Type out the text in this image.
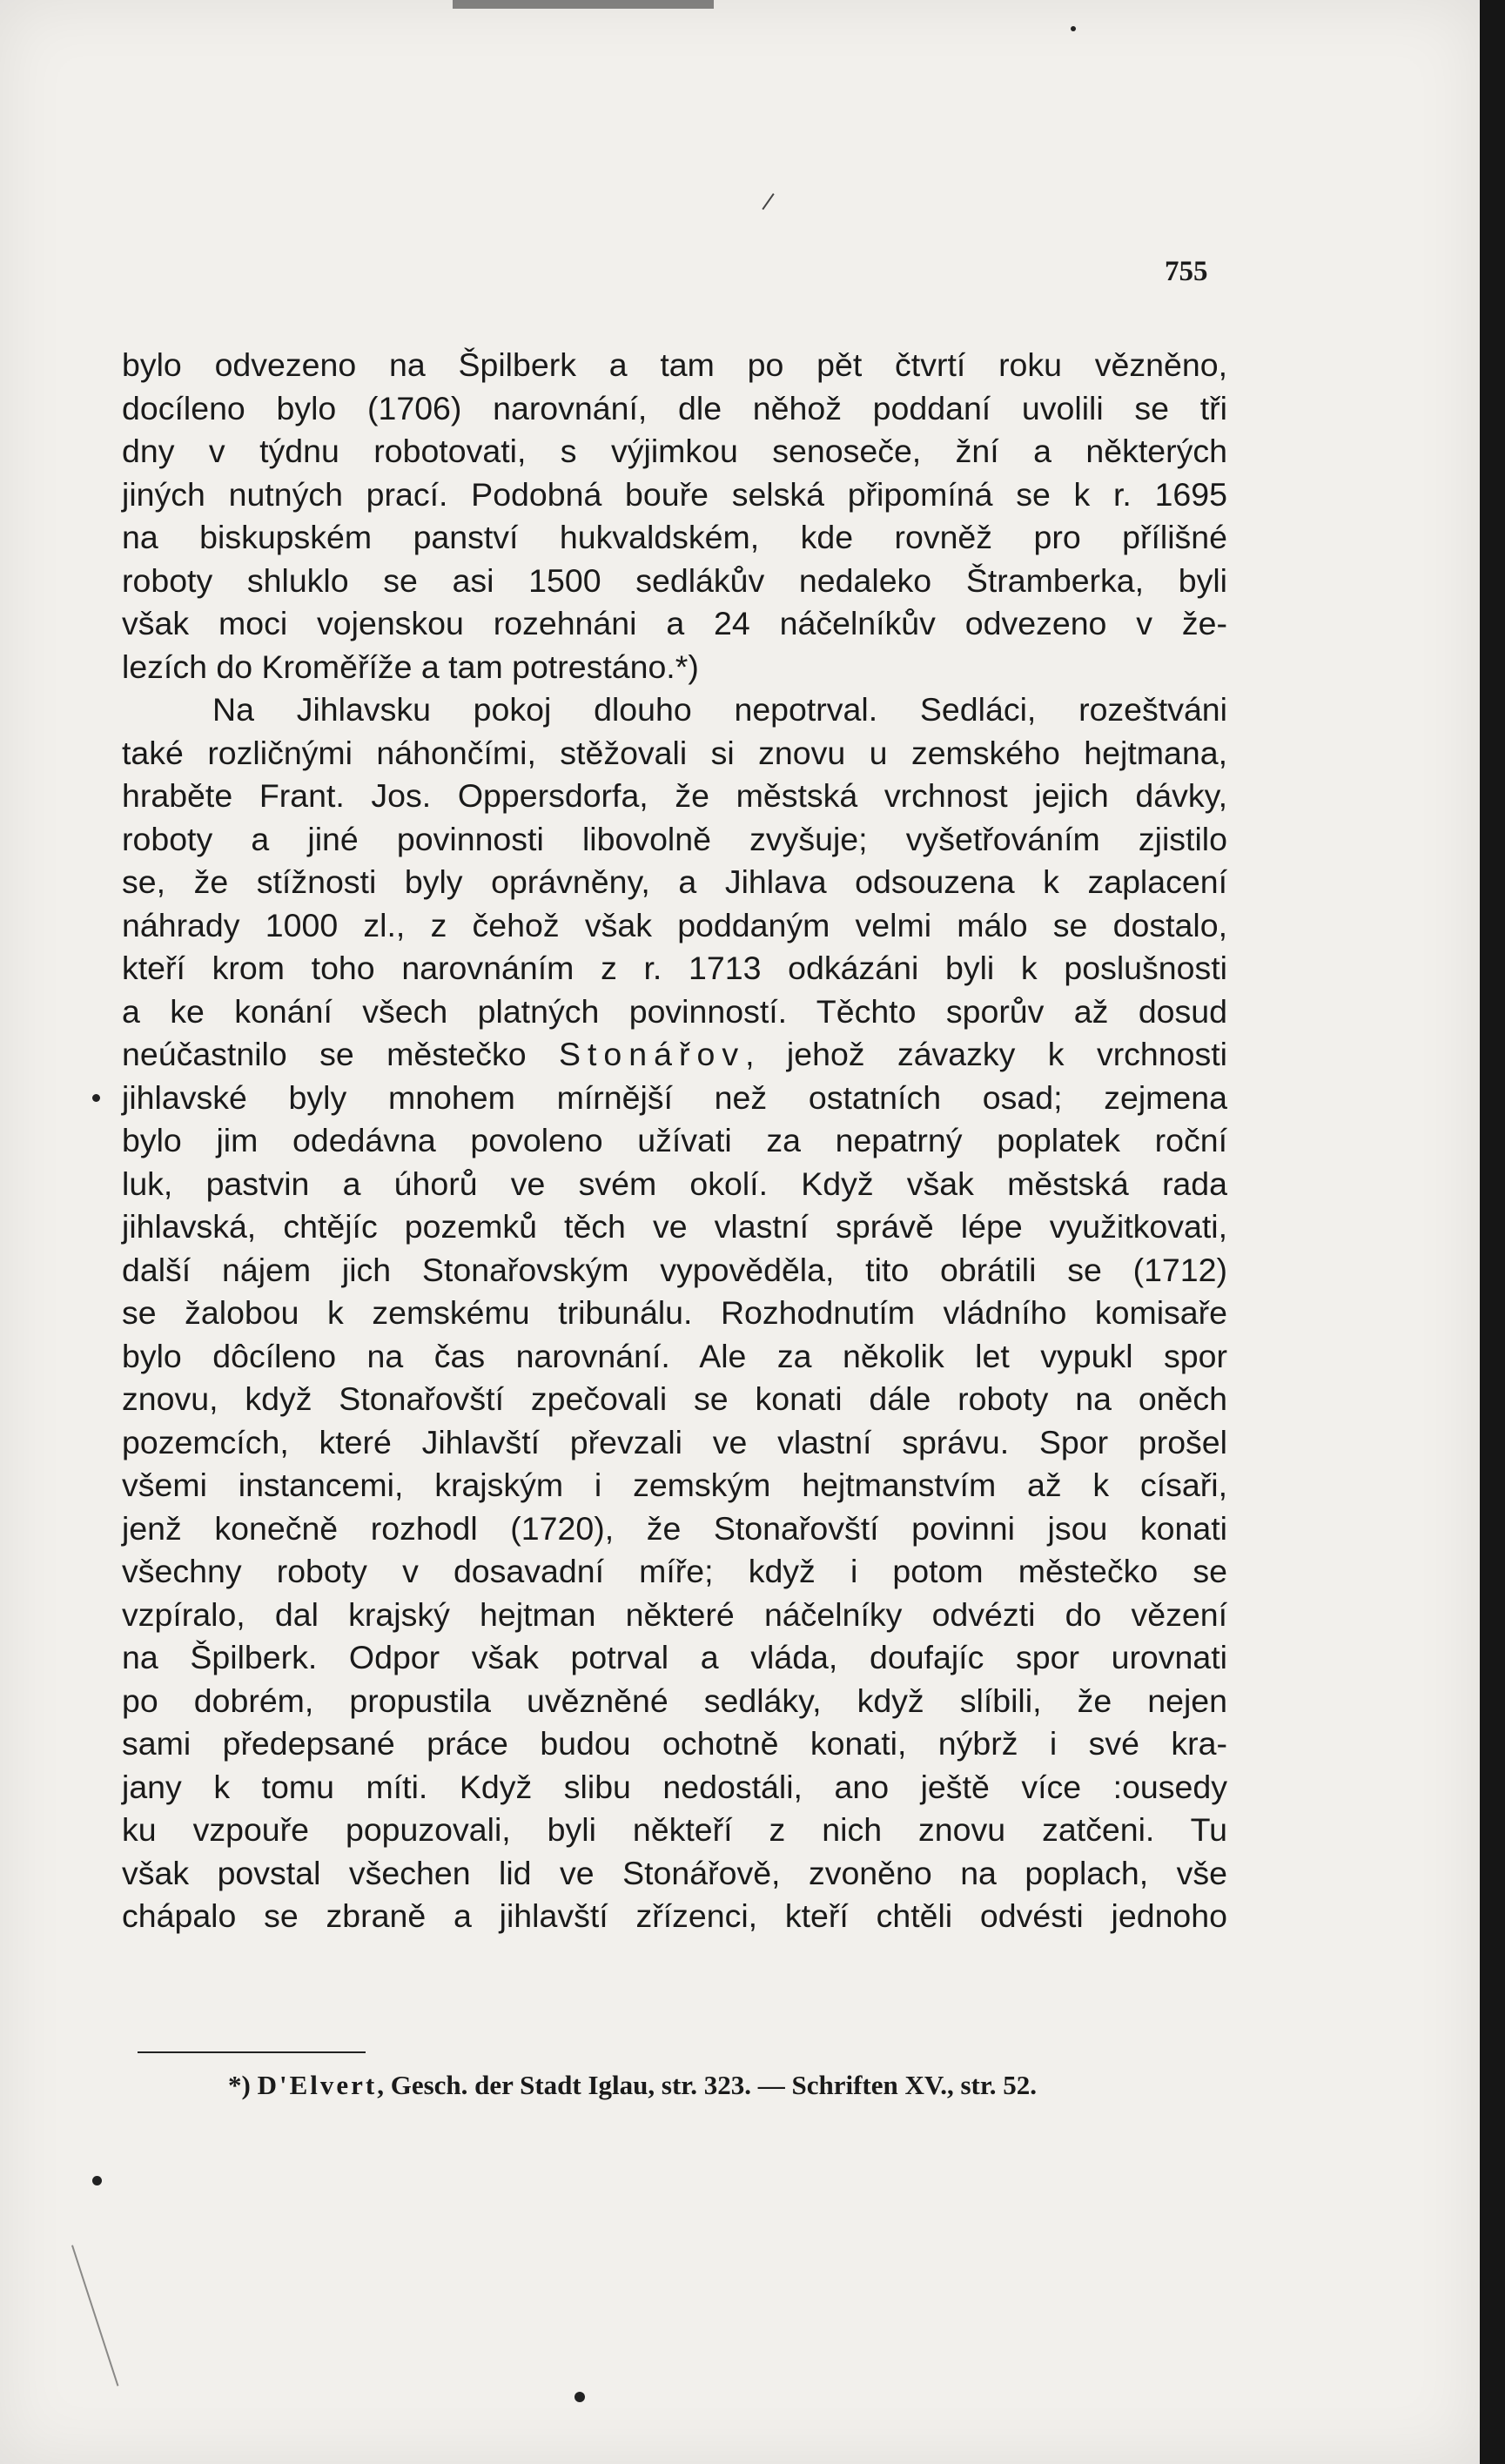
755
bylo odvezeno na Špilberk a tam po pět čtvrtí roku vězněno,
docíleno bylo (1706) narovnání, dle něhož poddaní uvolili se tři
dny v týdnu robotovati, s výjimkou senoseče, žní a některých
jiných nutných prací. Podobná bouře selská připomíná se k r. 1695
na biskupském panství hukvaldském, kde rovněž pro přílišné
roboty shluklo se asi 1500 sedláků̆v nedaleko Štramberka, byli
však moci vojenskou rozehnáni a 24 náčelníků̆v odvezeno v že-
lezích do Kroměříže a tam potrestáno.*)
Na Jihlavsku pokoj dlouho nepotrval. Sedláci, rozeštváni
také rozličnými náhončími, stěžovali si znovu u zemského hejtmana,
hraběte Frant. Jos. Oppersdorfa, že městská vrchnost jejich dávky,
roboty a jiné povinnosti libovolně zvyšuje; vyšetřováním zjistilo
se, že stížnosti byly oprávněny, a Jihlava odsouzena k zaplacení
náhrady 1000 zl., z čehož však poddaným velmi málo se dostalo,
kteří krom toho narovnáním z r. 1713 odkázáni byli k poslušnosti
a ke konání všech platných povinností. Těchto sporů̆v až dosud
neúčastnilo se městečko Stonářov, jehož závazky k vrchnosti
jihlavské byly mnohem mírnější než ostatních osad; zejmena
bylo jim odedávna povoleno užívati za nepatrný poplatek roční
luk, pastvin a úhorů̆ ve svém okolí. Když však městská rada
jihlavská, chtějíc pozemků̆ těch ve vlastní správě lépe využitkovati,
další nájem jich Stonařovským vypověděla, tito obrátili se (1712)
se žalobou k zemskému tribunálu. Rozhodnutím vládního komisaře
bylo dôcíleno na čas narovnání. Ale za několik let vypukl spor
znovu, když Stonařovští zpečovali se konati dále roboty na oněch
pozemcích, které Jihlavští převzali ve vlastní správu. Spor prošel
všemi instancemi, krajským i zemským hejtmanstvím až k císaři,
jenž konečně rozhodl (1720), že Stonařovští povinni jsou konati
všechny roboty v dosavadní míře; když i potom městečko se
vzpíralo, dal krajský hejtman některé náčelníky odvézti do vězení
na Špilberk. Odpor však potrval a vláda, doufajíc spor urovnati
po dobrém, propustila uvězněné sedláky, když slíbili, že nejen
sami předepsané práce budou ochotně konati, nýbrž i své kra-
jany k tomu míti. Když slibu nedostáli, ano ještě více :ousedy
ku vzpouře popuzovali, byli někteří z nich znovu zatčeni. Tu
však povstal všechen lid ve Stonářově, zvoněno na poplach, vše
chápalo se zbraně a jihlavští zřízenci, kteří chtěli odvésti jednoho
*) D'Elvert, Gesch. der Stadt Iglau, str. 323. — Schriften XV., str. 52.
